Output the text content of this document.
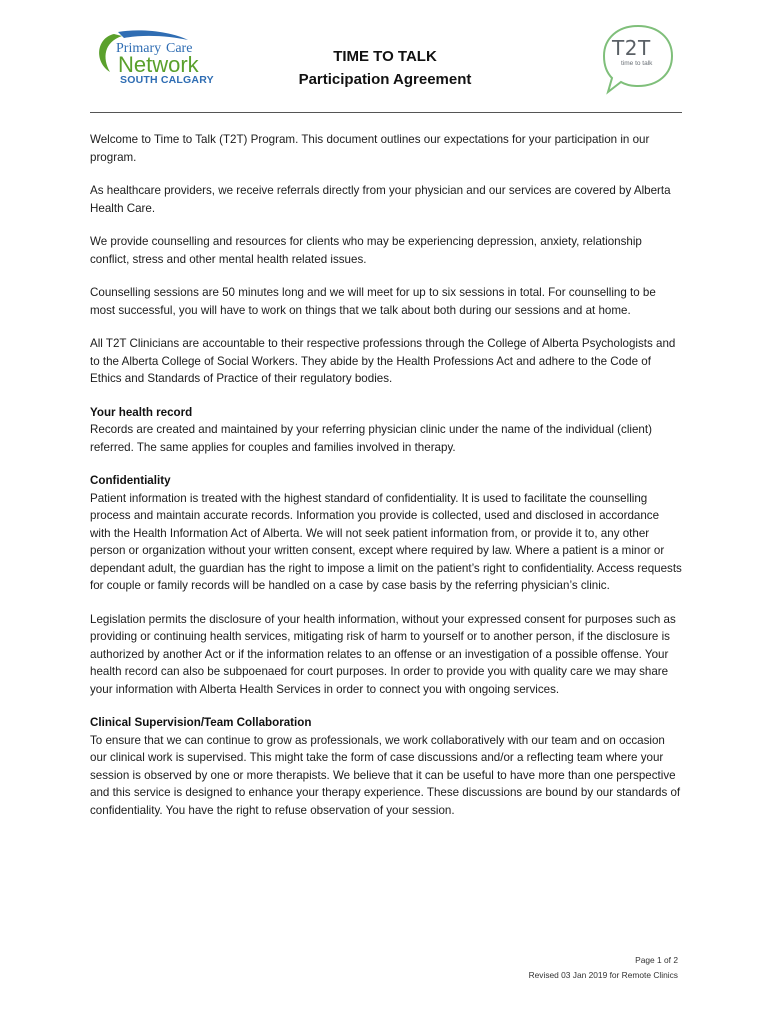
Primary Care
Network
SOUTH CALGARY
TIME TO TALK
Participation Agreement
T2T
time to talk

Welcome to Time to Talk (T2T) Program. This document outlines our expectations for your participation in our program.

As healthcare providers, we receive referrals directly from your physician and our services are covered by Alberta Health Care.

We provide counselling and resources for clients who may be experiencing depression, anxiety, relationship conflict, stress and other mental health related issues.

Counselling sessions are 50 minutes long and we will meet for up to six sessions in total. For counselling to be most successful, you will have to work on things that we talk about both during our sessions and at home.

All T2T Clinicians are accountable to their respective professions through the College of Alberta Psychologists and to the Alberta College of Social Workers. They abide by the Health Professions Act and adhere to the Code of Ethics and Standards of Practice of their regulatory bodies.

Your health record

Records are created and maintained by your referring physician clinic under the name of the individual (client) referred. The same applies for couples and families involved in therapy.

Confidentiality

Patient information is treated with the highest standard of confidentiality. It is used to facilitate the counselling process and maintain accurate records. Information you provide is collected, used and disclosed in accordance with the Health Information Act of Alberta. We will not seek patient information from, or provide it to, any other person or organization without your written consent, except where required by law. Where a patient is a minor or dependant adult, the guardian has the right to impose a limit on the patient’s right to confidentiality. Access requests for couple or family records will be handled on a case by case basis by the referring physician’s clinic.

Legislation permits the disclosure of your health information, without your expressed consent for purposes such as providing or continuing health services, mitigating risk of harm to yourself or to another person, if the disclosure is authorized by another Act or if the information relates to an offense or an investigation of a possible offense. Your health record can also be subpoenaed for court purposes. In order to provide you with quality care we may share your information with Alberta Health Services in order to connect you with ongoing services.

Clinical Supervision/Team Collaboration

To ensure that we can continue to grow as professionals, we work collaboratively with our team and on occasion our clinical work is supervised. This might take the form of case discussions and/or a reflecting team where your session is observed by one or more therapists. We believe that it can be useful to have more than one perspective and this service is designed to enhance your therapy experience. These discussions are bound by our standards of confidentiality. You have the right to refuse observation of your session.

Page 1 of 2
Revised 03 Jan 2019 for Remote Clinics
